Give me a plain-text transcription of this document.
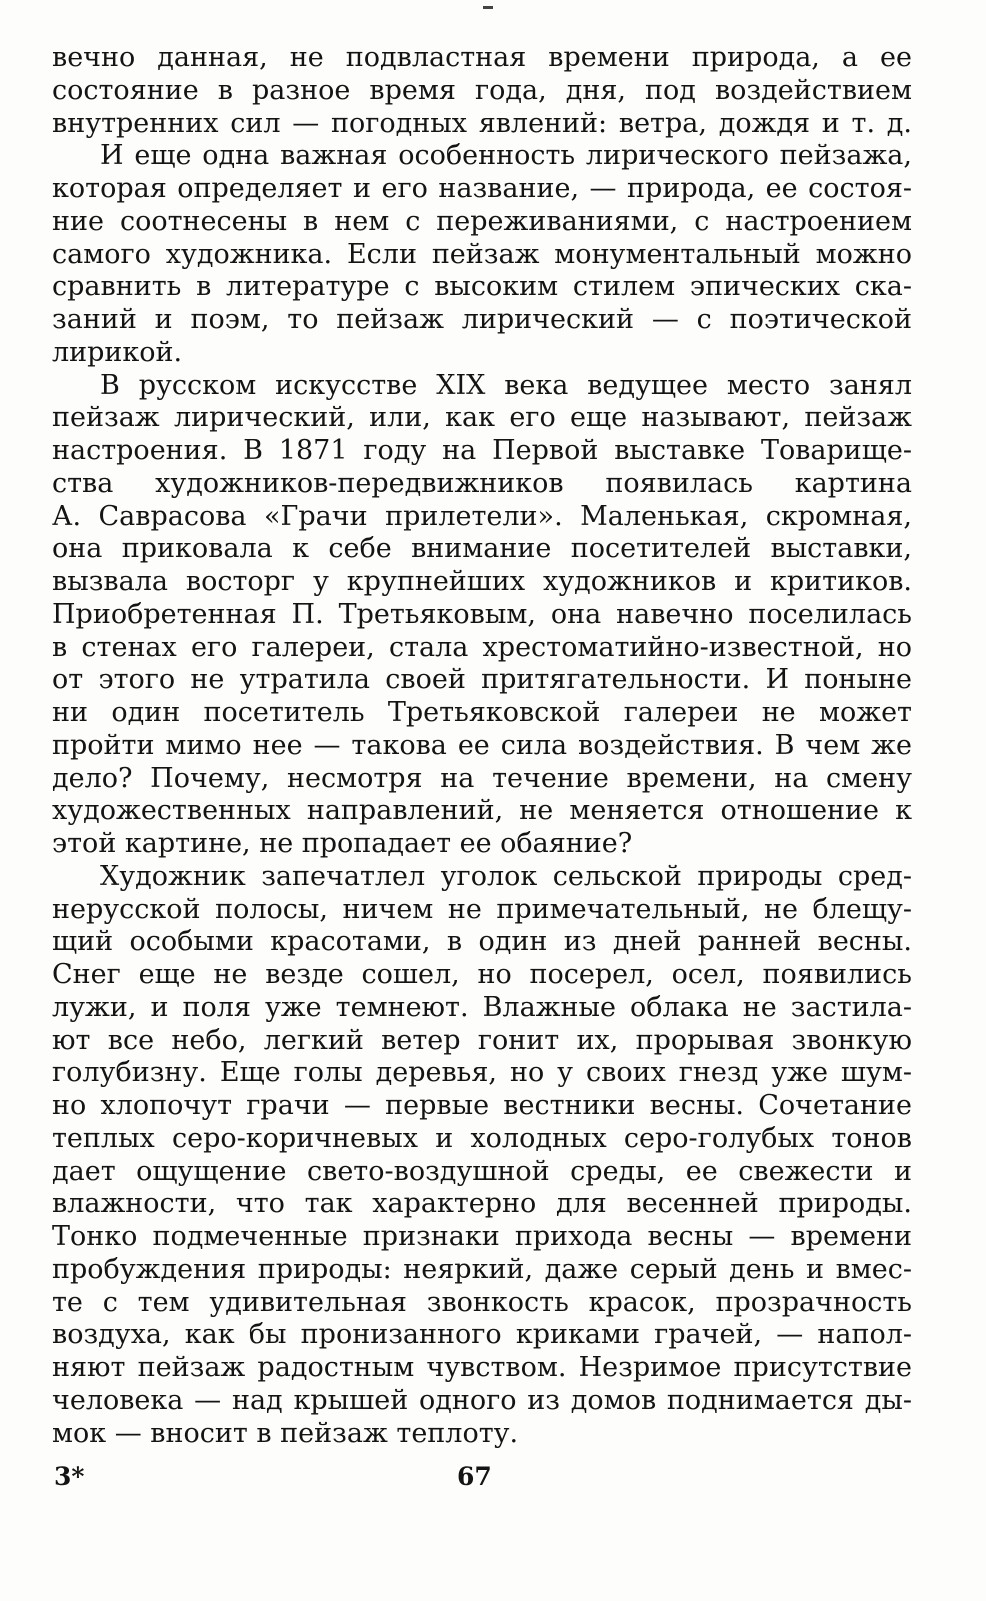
вечно данная, не подвластная времени природа, а ее
состояние в разное время года, дня, под воздействием
внутренних сил — погодных явлений: ветра, дождя и т. д.
И еще одна важная особенность лирического пейзажа,
которая определяет и его название, — природа, ее состоя-
ние соотнесены в нем с переживаниями, с настроением
самого художника. Если пейзаж монументальный можно
сравнить в литературе с высоким стилем эпических ска-
заний и поэм, то пейзаж лирический — с поэтической
лирикой.
В русском искусстве XIX века ведущее место занял
пейзаж лирический, или, как его еще называют, пейзаж
настроения. В 1871 году на Первой выставке Товарище-
ства художников-передвижников появилась картина
А. Саврасова «Грачи прилетели». Маленькая, скромная,
она приковала к себе внимание посетителей выставки,
вызвала восторг у крупнейших художников и критиков.
Приобретенная П. Третьяковым, она навечно поселилась
в стенах его галереи, стала хрестоматийно-известной, но
от этого не утратила своей притягательности. И поныне
ни один посетитель Третьяковской галереи не может
пройти мимо нее — такова ее сила воздействия. В чем же
дело? Почему, несмотря на течение времени, на смену
художественных направлений, не меняется отношение к
этой картине, не пропадает ее обаяние?
Художник запечатлел уголок сельской природы сред-
нерусской полосы, ничем не примечательный, не блещу-
щий особыми красотами, в один из дней ранней весны.
Снег еще не везде сошел, но посерел, осел, появились
лужи, и поля уже темнеют. Влажные облака не застила-
ют все небо, легкий ветер гонит их, прорывая звонкую
голубизну. Еще голы деревья, но у своих гнезд уже шум-
но хлопочут грачи — первые вестники весны. Сочетание
теплых серо-коричневых и холодных серо-голубых тонов
дает ощущение свето-воздушной среды, ее свежести и
влажности, что так характерно для весенней природы.
Тонко подмеченные признаки прихода весны — времени
пробуждения природы: неяркий, даже серый день и вмес-
те с тем удивительная звонкость красок, прозрачность
воздуха, как бы пронизанного криками грачей, — напол-
няют пейзаж радостным чувством. Незримое присутствие
человека — над крышей одного из домов поднимается ды-
мок — вносит в пейзаж теплоту.
3*	67
